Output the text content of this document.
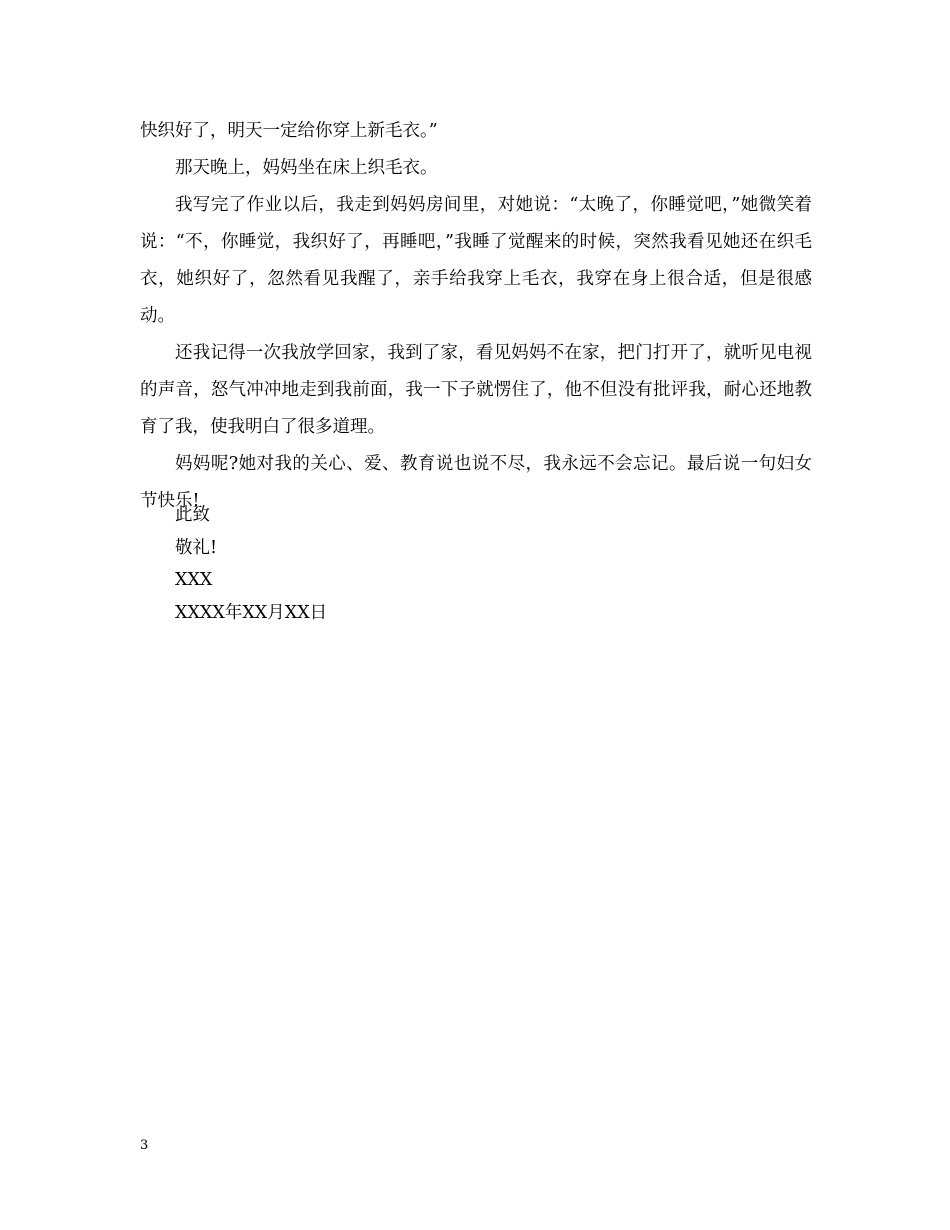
快织好了，明天一定给你穿上新毛衣。”

那天晚上，妈妈坐在床上织毛衣。

我写完了作业以后，我走到妈妈房间里，对她说：“太晚了，你睡觉吧，”她微笑着说：“不，你睡觉，我织好了，再睡吧，”我睡了觉醒来的时候，突然我看见她还在织毛衣，她织好了，忽然看见我醒了，亲手给我穿上毛衣，我穿在身上很合适，但是很感动。

还我记得一次我放学回家，我到了家，看见妈妈不在家，把门打开了，就听见电视的声音，怒气冲冲地走到我前面，我一下子就愣住了，他不但没有批评我，耐心还地教育了我，使我明白了很多道理。

妈妈呢?她对我的关心、爱、教育说也说不尽，我永远不会忘记。最后说一句妇女节快乐!

此致
敬礼!
XXX
XXXX年XX月XX日
3
